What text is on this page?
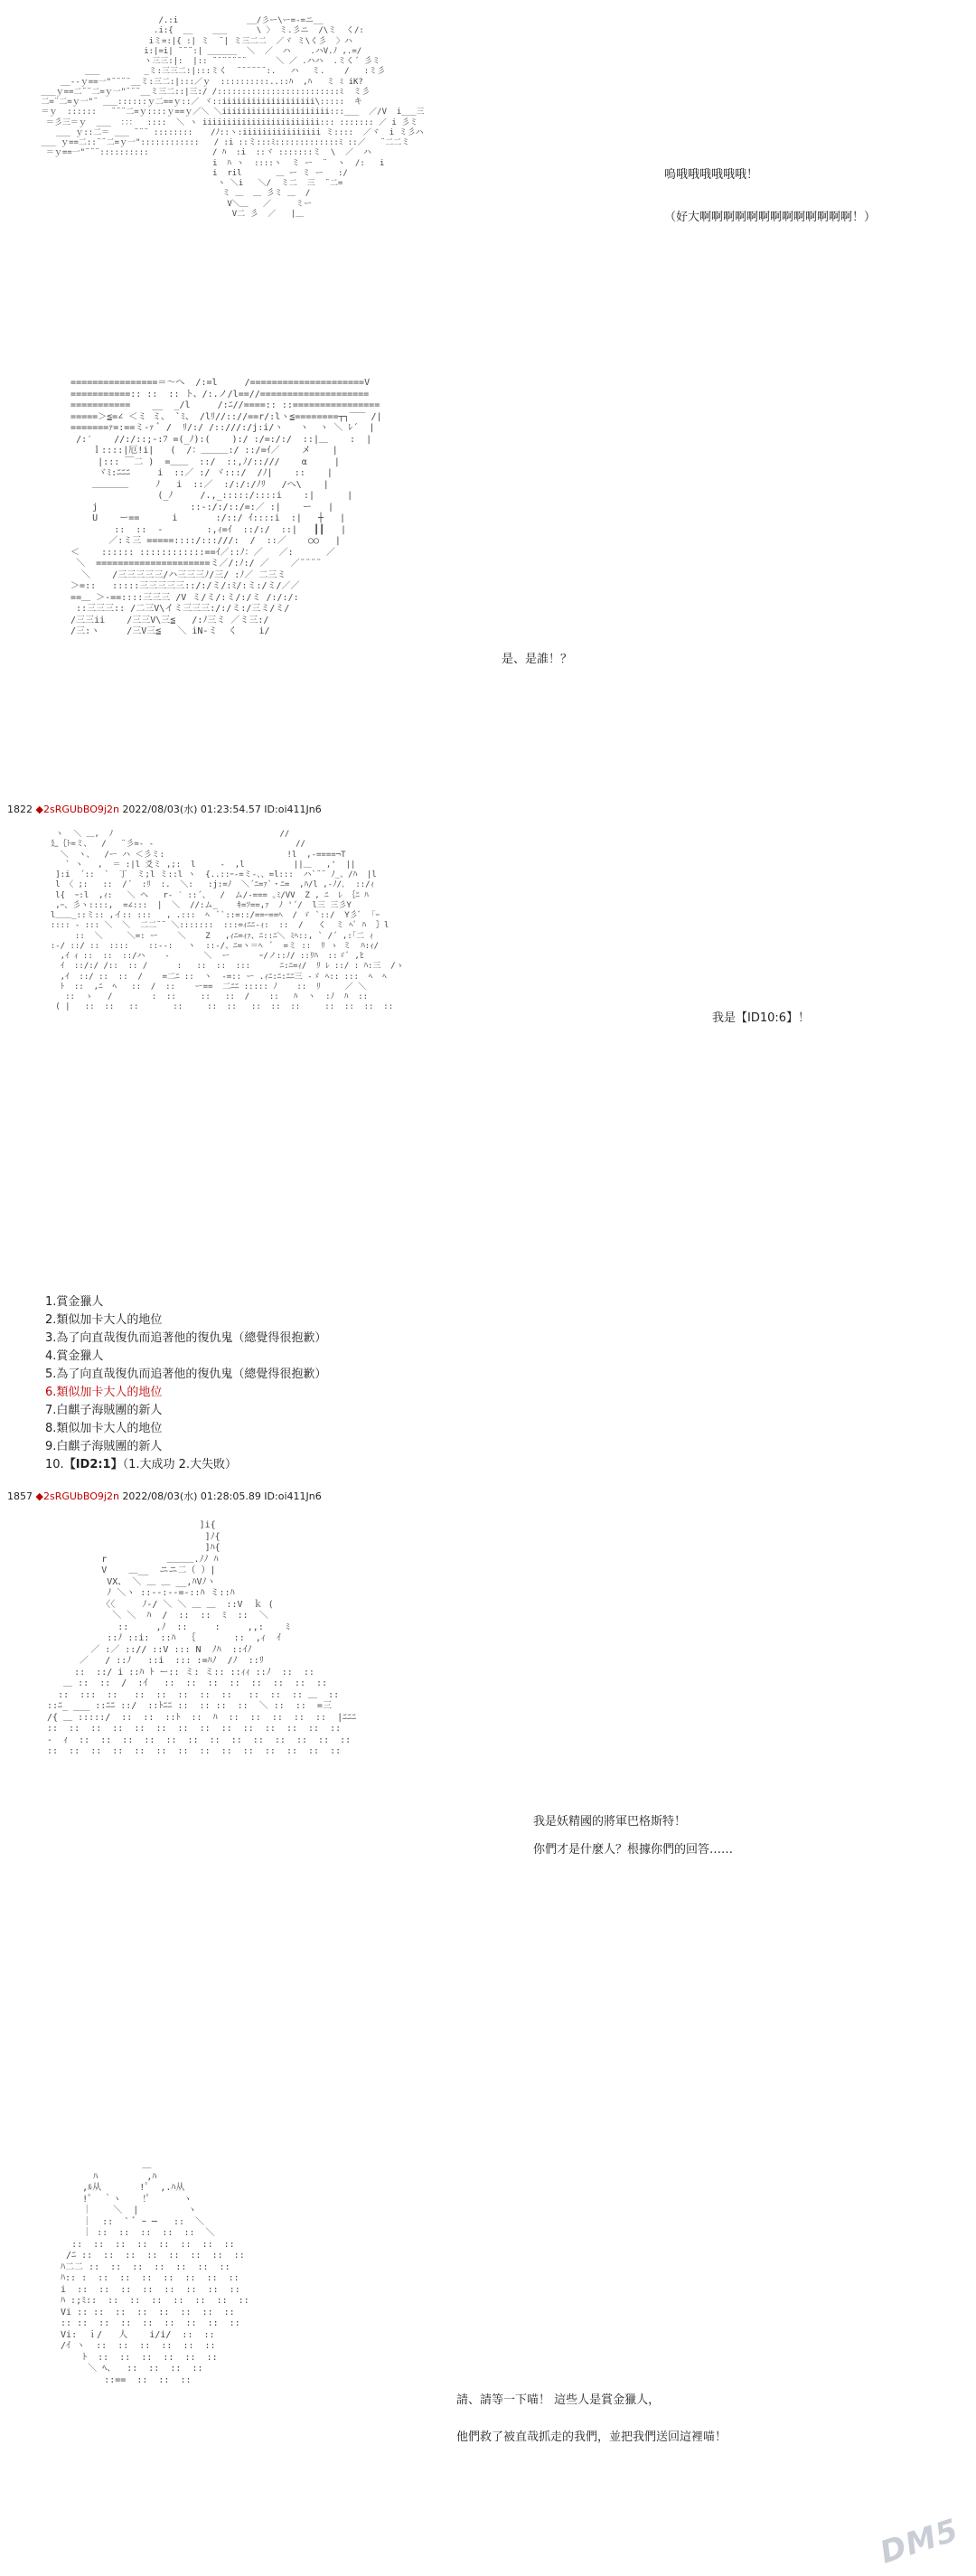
/.:i              __/彡ー\ー=-=ニ__
.i:{  __    ___      \ 〉 ミ.彡ニ  /\ミ  く/:
iミ=:|{ :| ミ  ¨| ミ三二二  ／ヾ ミ\く彡  〉ハ
i:|=i| ¨¨¨:| ______  ＼  ／  ハ    .ハV.ﾉ ,.=/
ヽ三三:|:  |:: ¨¨¨¨¨¨¨      ＼ ／ .ハハ  .ミく´ 彡ミ
___         _ミ:三三二:|:::ミく  ¨¨¨¨¨¨:.   ハ　 ミ.    /   :ミ彡
__--ｙ==一"¨¨¨¨__ミ:三二:|:::／ｙ  ::::::::::..::ﾊ  ,ﾊ   ミ ﾐ iK?
___ｙ==二¨¨二=ｙ一"¨¨¨__ミ三二::|三:/ /:::::::::::::::::::::::::ﾐ  ミ彡
二=¨二=ｙ一"¨ ___::::::ｙ二==ｙ::／ ヾ::iiiiiiiiiiiiiiiiiii\:::::  キ
＝ｙ  ::::::   ¨¨¨二=ｙ::::ｙ==ｙ／＼ ＼iiiiiiiiiiiiiiiiiiiiii:::___  ／/V  i___三
＝彡三＝ｙ  ___  ：：：  ::::  ＼ ヽ iiiiiiiiiiiiiiiiiiiiiiii::: ::::::: ／ i 彡ミ
___ ｙ::二＝ ___ ¨¨¨ ::::::::　  /ﾉ::ヽ:iiiiiiiiiiiiiiii ミ::::  ／ヾ  i ミ彡ハ
___ ｙ==二::¨¨二=ｙ一"::::::::::::   / :i ::ミ:::ﾐ:::::::::::::ﾐ ::／   ¨二二ミ
＝ｙ==一"¨¨¨::::::::::             / ﾊ  :i  ::ヾ :::::::ミ  \  ／  ハ
i  ﾊ ヽ  ::::ヽ  ミ ー  ¨  ヽ  /:   i
i  ril       ＿ ー ミ ー   :/
ヽ ＼i   ＼/  ミ二  三  ¨二=
ミ ＿  ＿ 彡ミ ＿  /
V＼＿   ／     ミー
V二 彡  ／   |＿
嗚哦哦哦哦哦哦！
（好大啊啊啊啊啊啊啊啊啊啊啊啊啊！）
================＝〜へ  /:=l     /=====================V
===========:: ::  :: ト、/:.ノ/l==//====================
===========    __  _/l     /:ﾆ//====:: ::================
=====＞≦=∠ ＜ミ ミ、 `ﾐ、 /lﾘ//:://==r/:lヽ≦========┬┐‾‾‾ /|
=======ｧ=:==ミ-ｧ ﾞ /  ﾘ/:/ /::///:/j:i/ヽ   ヽ  ヽ ＼ ﾚ´  |
/:′    //:/::;-:ﾌ =(_ﾉ):(    ):/ :/=:/:/  ::|＿    :  |
ｌ::::|厄!i|   (  /：＿＿＿:/ ::/=ｲ／    メ    |
|::: ￣二 )  =＿＿  ::/  ::,ﾉ/::///    α     |
ヾﾐ:ﾆﾆﾆ     i  ::／ :/ ヾ:::/  /ﾉ|    ::    |
＿＿＿＿     ﾉ   i  ::／  :/:/:/ﾉﾘ   /へ\    |
(_ﾉ     /.,_:::::/::::i    :|      |
j                 ::-:/:/::/=:／ :|    ー   |
U    ー==      i       :/::/ ｲ::::i  :|   ┼   |
::  ::  -        :,ｨ=ｲ  ::/:/  ::|   ┃┃   |
／:ミ三 =====::::/:::///:  /  ::／    ○○   |
＜    :::::: ::::::::::::==ｲ／::ﾉ：／   ／:      ／
＼  =====================ミ／/:ﾉ:/ ／    ／¨¨¨¨
＼    /三三三三三/ハ三三三ﾉ/三/ :ﾉ／ 二三ミ
＞=::   :::::三三三三三::/:/ミ/:ﾐ/:ミ:/ミ/／／
==＿ ＞-==::::三三三 /V ミ/ミ/:ミ/:/ミ /:/:/:
::三三三:: /二三V\イミ三三三:/:/ミ:/三ミ/ミ/
/三三ii    /三三V\三≦   /:ﾉ三ミ ／ミ三:/
/三:ヽ     /三V三≦   ＼ iN-ミ  く    i/
是、是誰！？
1822 ◆2sRGUbBO9j2n 2022/08/03(水) 01:23:54.57 ID:oi411Jn6
ヽ  ＼ ＿,  ﾉ                                  //
廴｛ﾄ=ミ、  /   ¨彡=‐ -                             //
＼  ヽ、  /ー ハ ＜彡ミ:                         !l  ,-====¬T
` ヽ   ,  ＝ :|l 爻ミ ,;:  l     ‐  ,l          ||＿   ,'  ||
]:i  ´::  `  丁  ミ;l ミ::l ヽ  {..::ｰ-=ミ-、、=l:::  ハ`¨¨ ﾉ_、/ﾊ  |l
l 〈 ;:   ::  /´  :ﾘ  :.  ＼:   :j:=ﾉ  ＼´ﾆ=ｧ`・ﾆ=  ,ﾊ/l ,-ﾉ/､  ::/ｨ
l{  ｰ:l  ,ｨ:   ＼ ヘ   r‐ ′ ::´、  /  ム/‐=== ｡ﾐ/VV  Z , ﾆ  ﾚ ｛ﾆ ﾊ
,ｰ、彡ヽ::::,  =∠:::  |  ＼  //:ム_    ｷ=ｿ==,ｧ  ﾉ '´/  l三 三彡Y
l＿＿_::ミ:: ,イ:: :::   , .:::  ﾍ  ﾞ`::=::/==ｰ==ﾍ  / ゞ `::/  Y彡ﾞ  ｢ｰ
:::: - ::: ＼  ＼  二二¨¨ ＼:::::::  :::=ｨﾆﾆ-ｨ:  ::  /   く  ミ ﾍﾞ ﾊ  ｝l
::  ＼     ＼=: ー    ＼    Z   ,ｨﾆ=ｨｧ、ﾆ::ﾆ＼ ﾐﾍ::, ` /´ ,:｢二 ｨ
:-/ ::/ ::  ::::    ::-‐:   ヽ  ::-/、ﾆ=ヽ＝ﾍ  ﾞ  =ミ ::  ﾘ ゝ ミ  ﾊ:ｨ/
,ｲ ｨ ::  ::  ::/ハ    ‐       ＼  ー      ｰ/ノ::ﾉ/ ::ﾘﾊ  ::ゞﾞ ,ﾋ
ｲ  ::/:/ /::  :: /      :   ::  ::  :::      ﾆ:ﾆ=ｨ/  ﾘ ﾚ ::/ : ﾊ:三  /ゝ
,ｲ  ::/ ::  ::  /    =二ﾆ ::  ヽ  -=:: ー .ｨﾆ:ﾆ:ﾆﾆ三 -ゞ ﾍ:: :::  ﾍ  ﾍ
ﾄ  ::  ,ﾆ  ﾍ   ::  /  ::    ー==  二ﾆﾆ ::::: ﾉ    ::  ﾘ     ／ ＼
::  ゝ   /        :  ::     ::   ::  /    ::   ﾊ  ヽ  :ﾉ  ﾊ  ::
( |   ::  ::   ::       ::     ::  ::   ::  ::  ::     ::  ::  ::  ::

我是【ID10:6】！
1.賞金獵人
2.類似加卡大人的地位
3.為了向直哉復仇而追著他的復仇鬼（總覺得很抱歉）
4.賞金獵人
5.為了向直哉復仇而追著他的復仇鬼（總覺得很抱歉）
6.類似加卡大人的地位
7.白麒子海賊團的新人
8.類似加卡大人的地位
9.白麒子海賊團的新人
10.【ID2:1】（1.大成功 2.大失敗）
1857 ◆2sRGUbBO9j2n 2022/08/03(水) 01:28:05.89 ID:oi411Jn6
]i{
]ﾉ{
]ﾊ{
r           ＿＿＿.ﾉﾉ ﾊ
V    ＿__  ニニ二（ ）|
VX、 ＼ ＿ ＿ __,ﾊVﾉヽ
ﾉ ＼ヽ ::--:--=-::ﾊ ミ::ﾊ
〈〈     ﾉ-/ ＼ ＼ ＿ ＿  ::V  ｋ (
＼ ＼  ﾊ  /  ::  ::  ﾐ  ::  ＼
::     ,ﾉ  ::     :     ,,:    ﾐ
::ﾉ ::i:  ::ﾊ  ｛       ::  ,ｨ  ｲ
／ :／ ::// ::V ::: N  ﾉﾊ  ::ｲﾉ
／   / ::ﾉ   ::i  ::: :=ﾊﾉ  /ﾉ  ::ﾘ
::  ::/ i ::ﾊ ﾄ ー:: ミ: ミ:: ::ｨｨ ::ﾉ  ::  ::
＿ ::  ::  /  :ｲ   ::  ::  ::  ::  ::  ::  ::  ::
::  :::  ::   ::  ::  ::  ::  ::   ::  ::  :: ＿  ::
::ﾆ_ ___ ::ﾆﾆ ::/  ::ﾄﾆﾆ ::  :: ::  ::  ＼ ::  ::  =三
/{ ＿ :::::/  ::  ::  ::ﾄ  ::  ﾊ  ::  ::  ::  ::  ::  |ﾆﾆﾆ
::  ::  ::  ::  ::  ::  ::  ::  ::  ::  ::  ::  ::  ::
-  ｨ  ::  ::  ::  ::  ::  ::  ::  ::  ::  ::  ::  ::  ::
::  ::  ::  ::  ::  ::  ::  ::  ::  ::  ::  ::  ::  ::

我是妖精國的將軍巴格斯特！
你們才是什麼人？根據你們的回答……
＿
ﾊ         ,ﾊ
,ﾙ从       !ﾟ  ,.ﾊ从
!ﾟ  ｀ヽ    !ﾟ      ヽ
｜    ＼  |         ヽ
｜  ::  ` ﾞ ｰ ─   ::  ＼
｜ ::  ::  ::  ::  ::  ＼
::  ::  ::  ::  ::  ::  ::  ::
/ﾆ ::  ::  ::  ::  ::  ::  ::  ::
ﾊ二二 ::  ::  ::  ::  ::  ::  ::
ﾊ:: :  ::  ::  ::  ::  ::  ::  ::
i  ::  ::  ::  ::  ::  ::  ::  ::
ﾊ :;ﾐ::  ::  ::  ::  ::  ::  ::  ::
Vi :: ::  ::  ::  ::  ::  ::  ::
:: ::  ::  ::  ::  ::  ::  ::  ::
Vi:  ｉ/   人    i/i/  ::  ::
/ｲ ヽ  ::  ::  ::  ::  ::  ::
ﾄ  ::  ::  ::  ::  ::  ::
＼ ﾍ、  ::  ::  ::  ::
::==  ::  ::  ::

請、請等一下喵！ 這些人是賞金獵人，
他們救了被直哉抓走的我們，並把我們送回這裡喵！
DM5
